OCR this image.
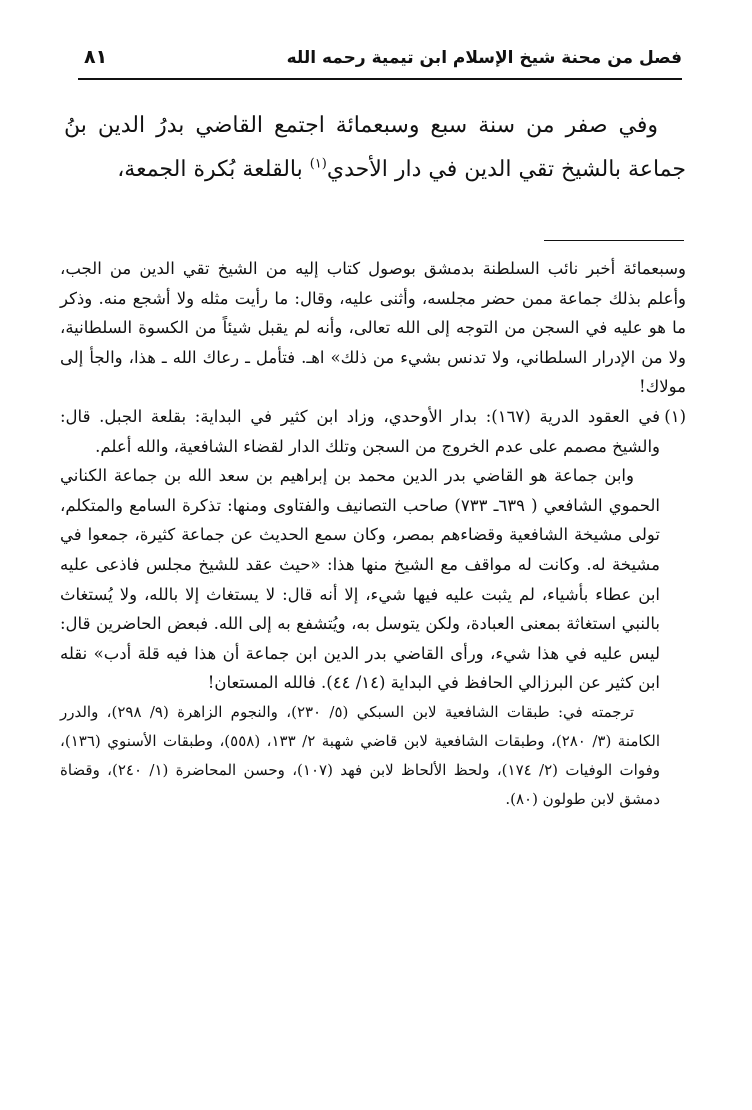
فصل من محنة شيخ الإسلام ابن تيمية رحمه الله
٨١

وفي صفر من سنة سبع وسبعمائة اجتمع القاضي بدرُ الدين بنُ جماعة بالشيخ تقي الدين في دار الأحدي$^{(١)}$ بالقلعة بُكرة الجمعة،

وسبعمائة أخبر نائب السلطنة بدمشق بوصول كتاب إليه من الشيخ تقي الدين من الجب، وأعلم بذلك جماعة ممن حضر مجلسه، وأثنى عليه، وقال: ما رأيت مثله ولا أشجع منه. وذكر ما هو عليه في السجن من التوجه إلى الله تعالى، وأنه لم يقبل شيئاً من الكسوة السلطانية، ولا من الإدرار السلطاني، ولا تدنس بشيء من ذلك» اهـ. فتأمل ـ رعاك الله ـ هذا، والجأ إلى مولاك!

(١)

في العقود الدرية (١٦٧): بدار الأوحدي، وزاد ابن كثير في البداية: بقلعة الجبل. قال: والشيخ مصمم على عدم الخروج من السجن وتلك الدار لقضاء الشافعية، والله أعلم.

وابن جماعة هو القاضي بدر الدين محمد بن إبراهيم بن سعد الله بن جماعة الكناني الحموي الشافعي ( ٦٣٩ـ ٧٣٣) صاحب التصانيف والفتاوى ومنها: تذكرة السامع والمتكلم، تولى مشيخة الشافعية وقضاءهم بمصر، وكان سمع الحديث عن جماعة كثيرة، جمعوا في مشيخة له. وكانت له مواقف مع الشيخ منها هذا: «حيث عقد للشيخ مجلس فاذعى عليه ابن عطاء بأشياء، لم يثبت عليه فيها شيء، إلا أنه قال: لا يستغاث إلا بالله، ولا يُستغاث بالنبي استغاثة بمعنى العبادة، ولكن يتوسل به، ويُتشفع به إلى الله. فبعض الحاضرين قال: ليس عليه في هذا شيء، ورأى القاضي بدر الدين ابن جماعة أن هذا فيه قلة أدب» نقله ابن كثير عن البرزالي الحافظ في البداية (١٤/ ٤٤). فالله المستعان!

ترجمته في: طبقات الشافعية لابن السبكي (٥/ ٢٣٠)، والنجوم الزاهرة (٩/ ٢٩٨)، والدرر الكامنة (٣/ ٢٨٠)، وطبقات الشافعية لابن قاضي شهبة ٢/ ١٣٣، (٥٥٨)، وطبقات الأسنوي (١٣٦)، وفوات الوفيات (٢/ ١٧٤)، ولحظ الألحاظ لابن فهد (١٠٧)، وحسن المحاضرة (١/ ٢٤٠)، وقضاة دمشق لابن طولون (٨٠).
